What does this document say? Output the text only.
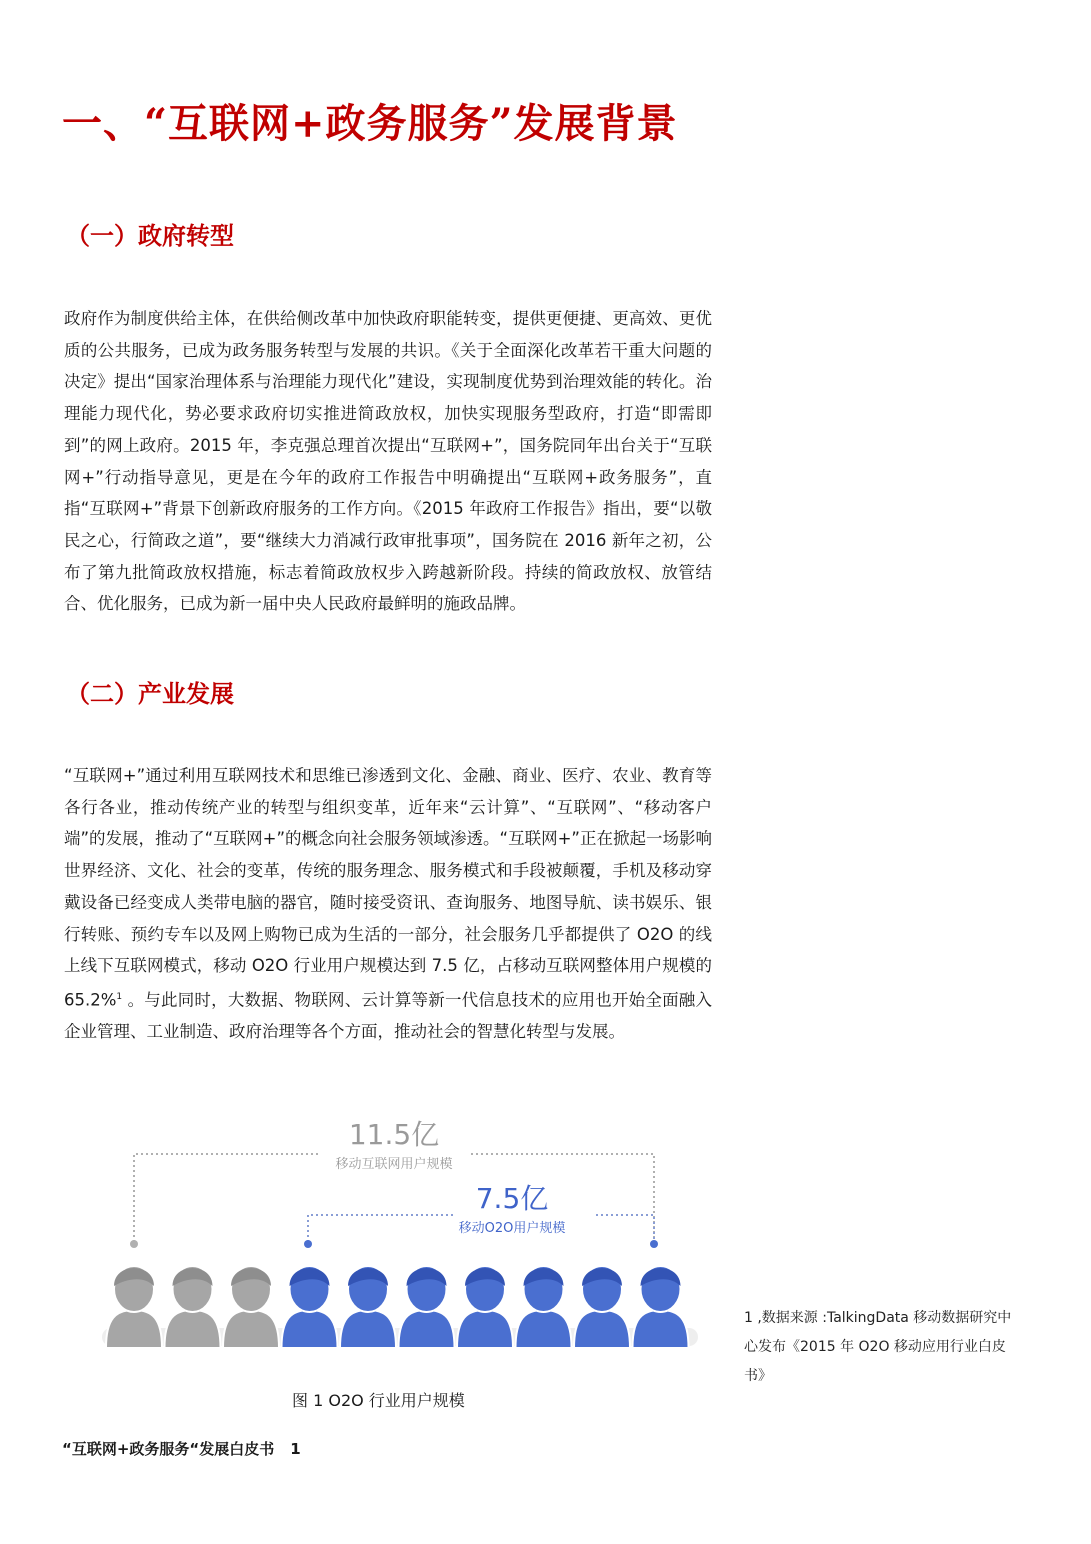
一、“互联网+政务服务”发展背景
（一）政府转型

政府作为制度供给主体，在供给侧改革中加快政府职能转变，提供更便捷、更高效、更优质的公共服务，已成为政务服务转型与发展的共识。《关于全面深化改革若干重大问题的决定》提出“国家治理体系与治理能力现代化”建设，实现制度优势到治理效能的转化。治理能力现代化，势必要求政府切实推进简政放权，加快实现服务型政府，打造“即需即到”的网上政府。2015 年，李克强总理首次提出“互联网+”，国务院同年出台关于“互联网+”行动指导意见，更是在今年的政府工作报告中明确提出“互联网+政务服务”，直指“互联网+”背景下创新政府服务的工作方向。《2015 年政府工作报告》指出，要“以敬民之心，行简政之道”，要“继续大力消减行政审批事项”，国务院在 2016 新年之初，公布了第九批简政放权措施，标志着简政放权步入跨越新阶段。持续的简政放权、放管结合、优化服务，已成为新一届中央人民政府最鲜明的施政品牌。

（二）产业发展

“互联网+”通过利用互联网技术和思维已渗透到文化、金融、商业、医疗、农业、教育等各行各业，推动传统产业的转型与组织变革，近年来“云计算”、“互联网”、“移动客户端”的发展，推动了“互联网+”的概念向社会服务领域渗透。“互联网+”正在掀起一场影响世界经济、文化、社会的变革，传统的服务理念、服务模式和手段被颠覆，手机及移动穿戴设备已经变成人类带电脑的器官，随时接受资讯、查询服务、地图导航、读书娱乐、银行转账、预约专车以及网上购物已成为生活的一部分，社会服务几乎都提供了 O2O 的线上线下互联网模式，移动 O2O 行业用户规模达到 7.5 亿，占移动互联网整体用户规模的 65.2%$^1$ 。与此同时，大数据、物联网、云计算等新一代信息技术的应用也开始全面融入企业管理、工业制造、政府治理等各个方面，推动社会的智慧化转型与发展。

11.5亿
移动互联网用户规模
7.5亿
移动O2O用户规模

图 1 O2O 行业用户规模

1 ,数据来源 :TalkingData 移动数据研究中心发布《2015 年 O2O 移动应用行业白皮书》

“互联网+政务服务“发展白皮书 1
